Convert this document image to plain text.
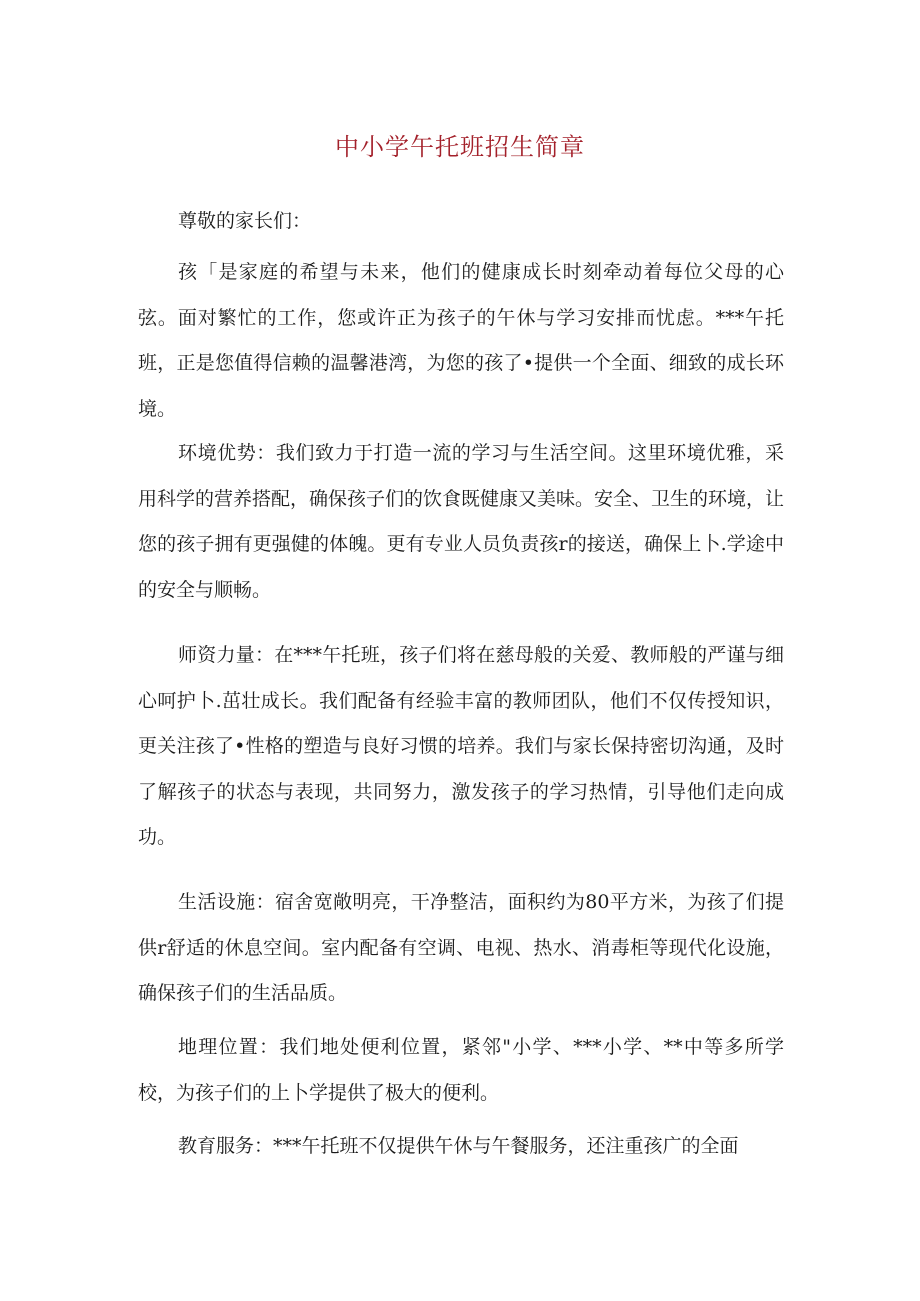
中小学午托班招生简章

尊敬的家长们：

孩「是家庭的希望与未来，他们的健康成长时刻牵动着每位父母的心弦。面对繁忙的工作，您或许正为孩子的午休与学习安排而忧虑。***午托班，正是您值得信赖的温馨港湾，为您的孩了•提供一个全面、细致的成长环境。

环境优势：我们致力于打造一流的学习与生活空间。这里环境优雅，采用科学的营养搭配，确保孩子们的饮食既健康又美味。安全、卫生的环境，让您的孩子拥有更强健的体魄。更有专业人员负责孩r的接送，确保上卜.学途中的安全与顺畅。

师资力量：在***午托班，孩子们将在慈母般的关爱、教师般的严谨与细心呵护卜.茁壮成长。我们配备有经验丰富的教师团队，他们不仅传授知识，更关注孩了•性格的塑造与良好习惯的培养。我们与家长保持密切沟通，及时了解孩子的状态与表现，共同努力，激发孩子的学习热情，引导他们走向成功。

生活设施：宿舍宽敞明亮，干净整洁，面积约为80平方米，为孩了们提供r舒适的休息空间。室内配备有空调、电视、热水、消毒柜等现代化设施，确保孩子们的生活品质。

地理位置：我们地处便利位置，紧邻"小学、***小学、**中等多所学校，为孩子们的上卜学提供了极大的便利。

教育服务：***午托班不仅提供午休与午餐服务，还注重孩广的全面
